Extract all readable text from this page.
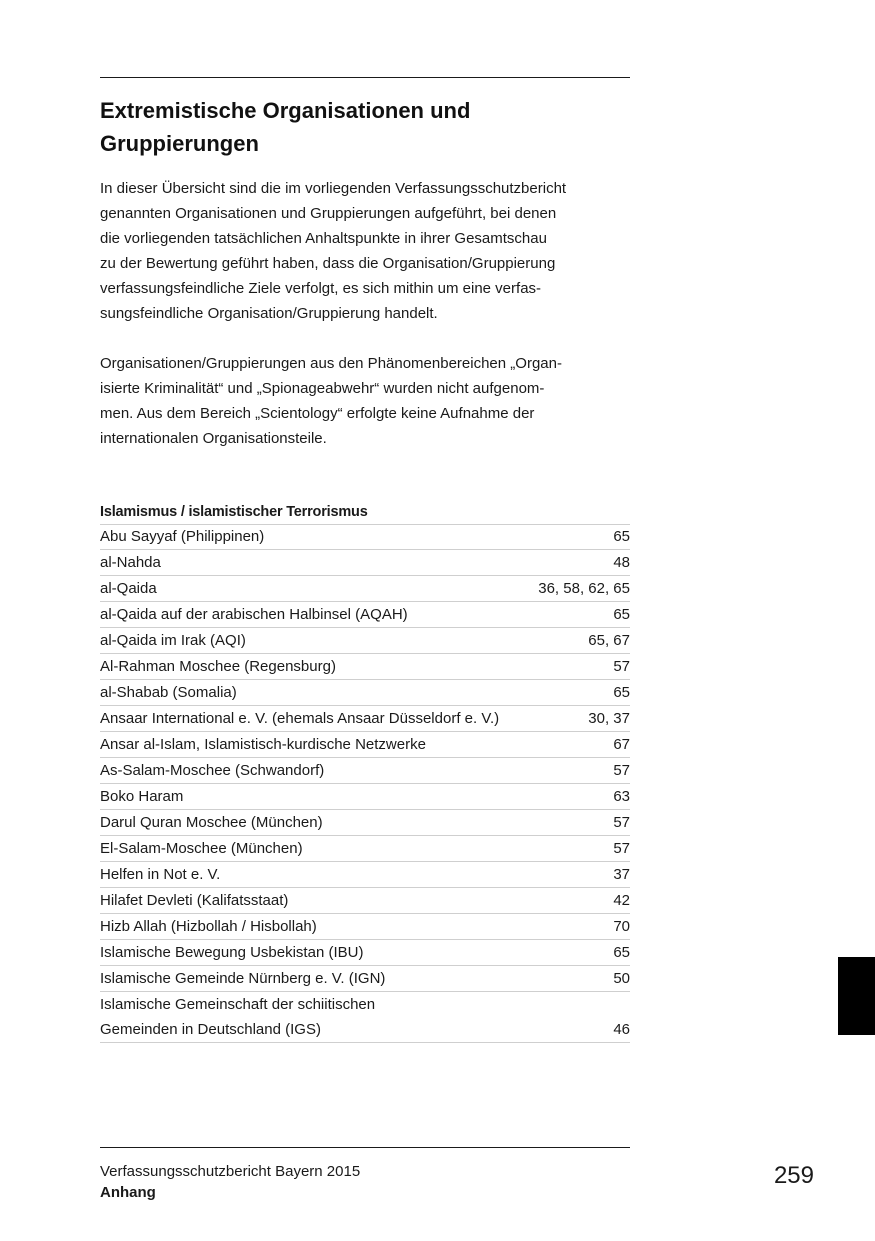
Extremistische Organisationen und Gruppierungen

In dieser Übersicht sind die im vorliegenden Verfassungsschutzbericht
genannten Organisationen und Gruppierungen aufgeführt, bei denen
die vorliegenden tatsächlichen Anhaltspunkte in ihrer Gesamtschau
zu der Bewertung geführt haben, dass die Organisation/Gruppierung
verfassungsfeindliche Ziele verfolgt, es sich mithin um eine verfas-
sungsfeindliche Organisation/Gruppierung handelt.

Organisationen/Gruppierungen aus den Phänomenbereichen „Organ-
isierte Kriminalität“ und „Spionageabwehr“ wurden nicht aufgenom-
men. Aus dem Bereich „Scientology“ erfolgte keine Aufnahme der
internationalen Organisationsteile.

Islamismus / islamistischer Terrorismus
Abu Sayyaf (Philippinen)	65
al-Nahda	48
al-Qaida	36, 58, 62, 65
al-Qaida auf der arabischen Halbinsel (AQAH)	65
al-Qaida im Irak (AQI)	65, 67
Al-Rahman Moschee (Regensburg)	57
al-Shabab (Somalia)	65
Ansaar International e. V. (ehemals Ansaar Düsseldorf e. V.)	30, 37
Ansar al-Islam, Islamistisch-kurdische Netzwerke	67
As-Salam-Moschee (Schwandorf)	57
Boko Haram	63
Darul Quran Moschee (München)	57
El-Salam-Moschee (München)	57
Helfen in Not e. V.	37
Hilafet Devleti (Kalifatsstaat)	42
Hizb Allah (Hizbollah / Hisbollah)	70
Islamische Bewegung Usbekistan (IBU)	65
Islamische Gemeinde Nürnberg e. V. (IGN)	50
Islamische Gemeinschaft der schiitischen
Gemeinden in Deutschland (IGS)	46
Verfassungsschutzbericht Bayern 2015
Anhang
259
